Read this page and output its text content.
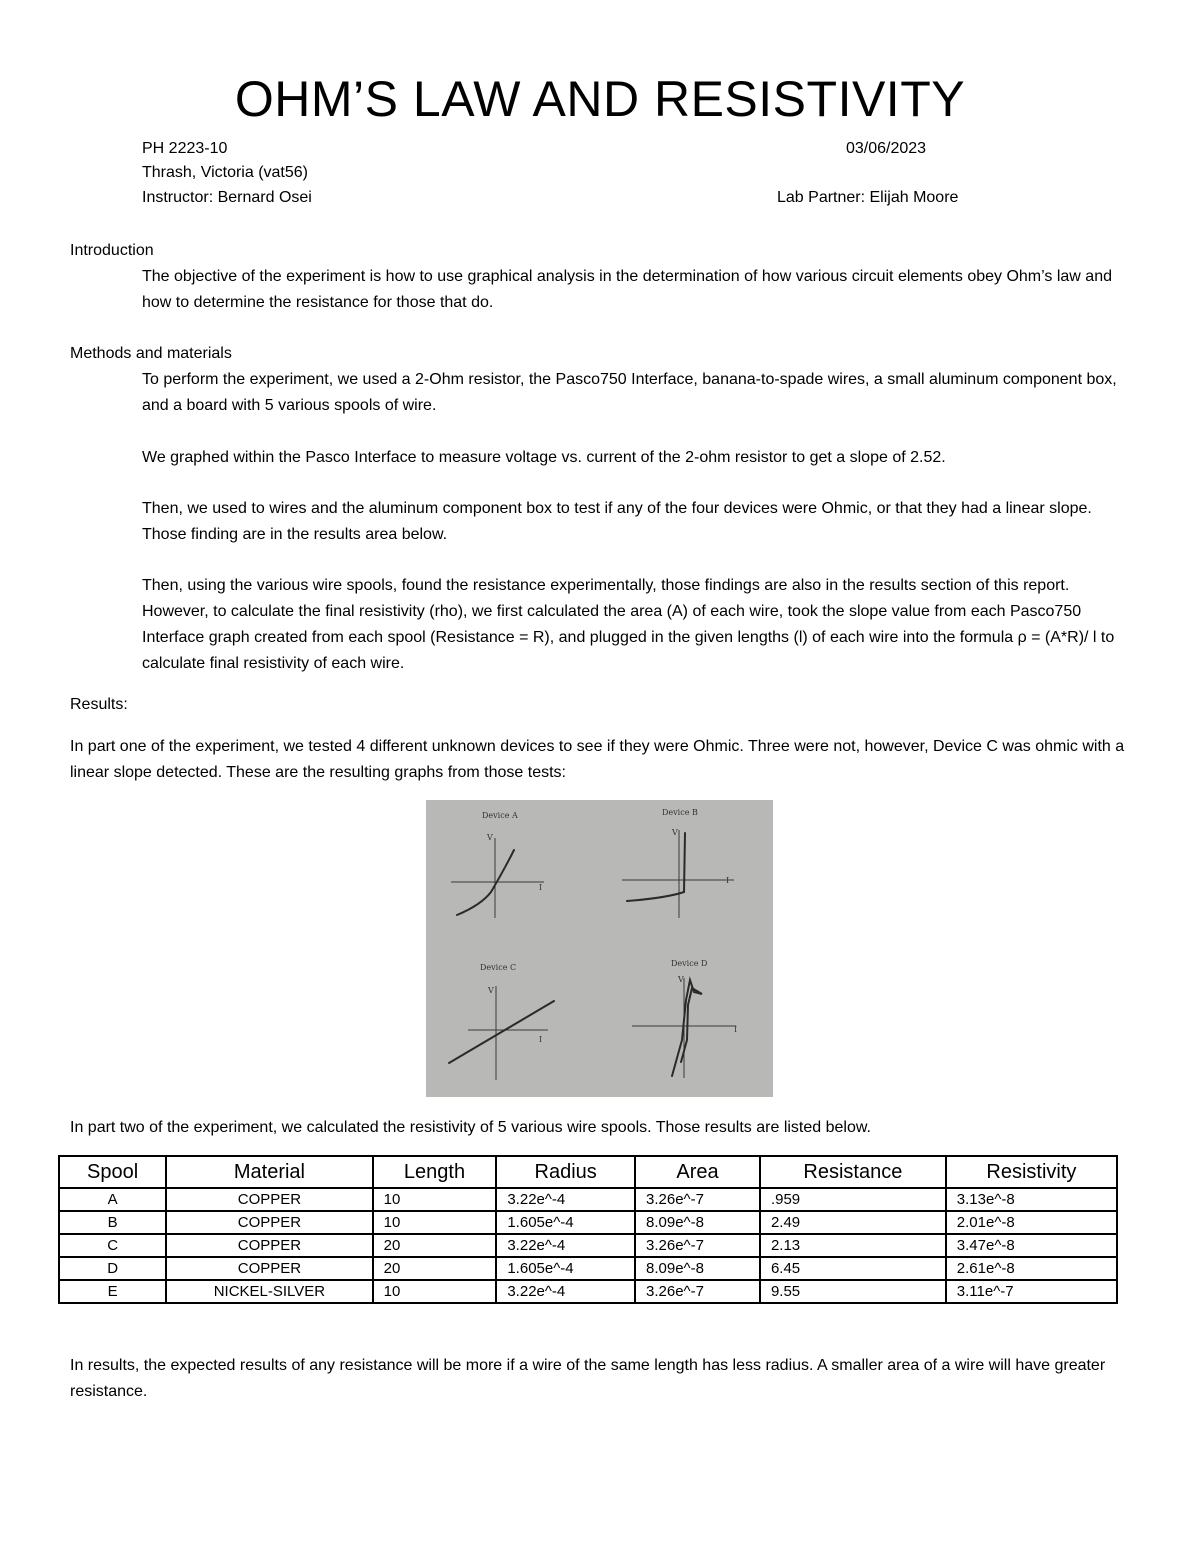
OHM’S LAW AND RESISTIVITY
PH 2223-10	03/06/2023
Thrash, Victoria (vat56)
Instructor: Bernard Osei	Lab Partner: Elijah Moore
Introduction
The objective of the experiment is how to use graphical analysis in the determination of how various circuit elements obey Ohm’s law and how to determine the resistance for those that do.
Methods and materials
To perform the experiment, we used a 2-Ohm resistor, the Pasco750 Interface, banana-to-spade wires, a small aluminum component box, and a board with 5 various spools of wire.
We graphed within the Pasco Interface to measure voltage vs. current of the 2-ohm resistor to get a slope of 2.52.
Then, we used to wires and the aluminum component box to test if any of the four devices were Ohmic, or that they had a linear slope. Those finding are in the results area below.
Then, using the various wire spools, found the resistance experimentally, those findings are also in the results section of this report. However, to calculate the final resistivity (rho), we first calculated the area (A) of each wire, took the slope value from each Pasco750 Interface graph created from each spool (Resistance = R), and plugged in the given lengths (l) of each wire into the formula ρ = (A*R)/ l to calculate final resistivity of each wire.
Results:
In part one of the experiment, we tested 4 different unknown devices to see if they were Ohmic. Three were not, however, Device C was ohmic with a linear slope detected. These are the resulting graphs from those tests:
Device A
V
I
Device B
V
I
Device C
V
I
Device D
V
I
In part two of the experiment, we calculated the resistivity of 5 various wire spools. Those results are listed below.
Spool	Material	Length	Radius	Area	Resistance	Resistivity
A	COPPER	10	3.22e^-4	3.26e^-7	.959	3.13e^-8
B	COPPER	10	1.605e^-4	8.09e^-8	2.49	2.01e^-8
C	COPPER	20	3.22e^-4	3.26e^-7	2.13	3.47e^-8
D	COPPER	20	1.605e^-4	8.09e^-8	6.45	2.61e^-8
E	NICKEL-SILVER	10	3.22e^-4	3.26e^-7	9.55	3.11e^-7
In results, the expected results of any resistance will be more if a wire of the same length has less radius. A smaller area of a wire will have greater resistance.
